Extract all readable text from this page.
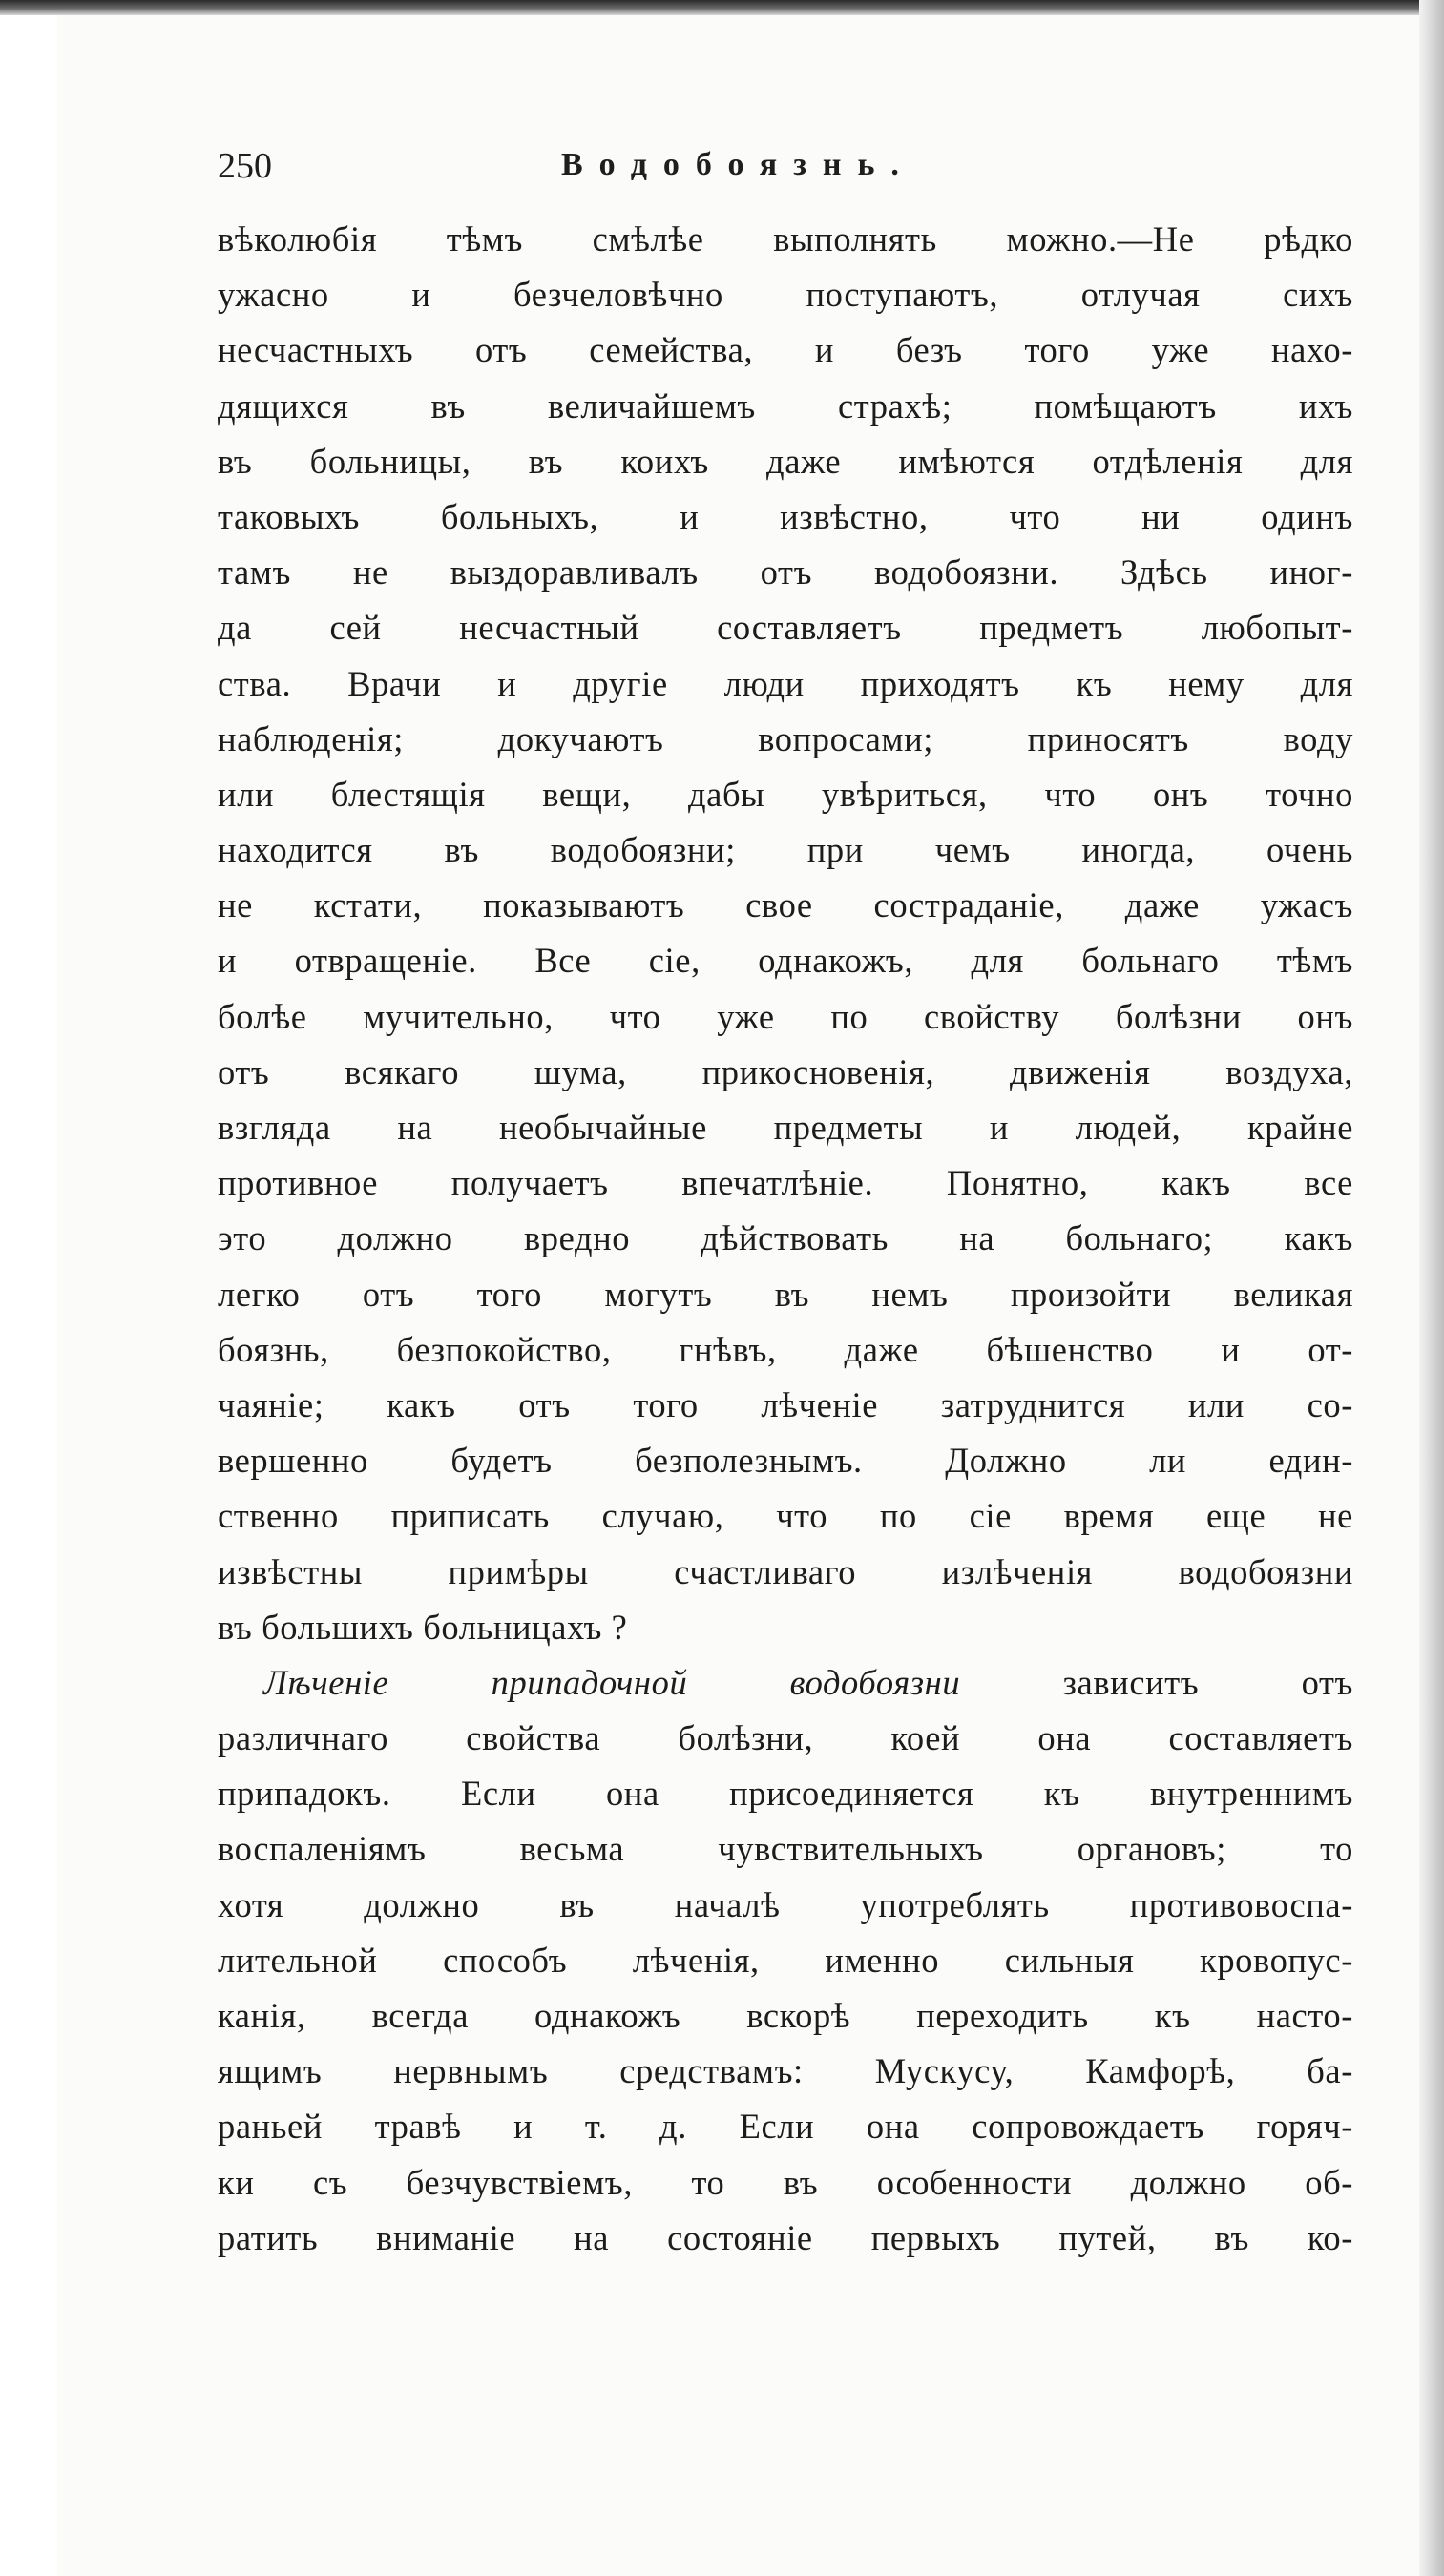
250	Водобоязнь.
вѣколюбія тѣмъ смѣлѣе выполнять можно.—Не рѣдко
ужасно и безчеловѣчно поступаютъ, отлучая сихъ
несчастныхъ отъ семейства, и безъ того уже нахо-
дящихся въ величайшемъ страхѣ; помѣщаютъ ихъ
въ больницы, въ коихъ даже имѣются отдѣленія для
таковыхъ больныхъ, и извѣстно, что ни одинъ
тамъ не выздоравливалъ отъ водобоязни. Здѣсь иног-
да сей несчастный составляетъ предметъ любопыт-
ства. Врачи и другіе люди приходятъ къ нему для
наблюденія; докучаютъ вопросами; приносятъ воду
или блестящія вещи, дабы увѣриться, что онъ точно
находится въ водобоязни; при чемъ иногда, очень
не кстати, показываютъ свое состраданіе, даже ужасъ
и отвращеніе. Все сіе, однакожъ, для больнаго тѣмъ
болѣе мучительно, что уже по свойству болѣзни онъ
отъ всякаго шума, прикосновенія, движенія воздуха,
взгляда на необычайные предметы и людей, крайне
противное получаетъ впечатлѣніе. Понятно, какъ все
это должно вредно дѣйствовать на больнаго; какъ
легко отъ того могутъ въ немъ произойти великая
боязнь, безпокойство, гнѣвъ, даже бѣшенство и от-
чаяніе; какъ отъ того лѣченіе затруднится или со-
вершенно будетъ безполезнымъ. Должно ли един-
ственно приписать случаю, что по сіе время еще не
извѣстны примѣры счастливаго излѣченія водобоязни
въ большихъ больницахъ ?
Лѣченіе припадочной водобоязни зависитъ отъ
различнаго свойства болѣзни, коей она составляетъ
припадокъ. Если она присоединяется къ внутреннимъ
воспаленіямъ весьма чувствительныхъ органовъ; то
хотя должно въ началѣ употреблять противовоспа-
лительной способъ лѣченія, именно сильныя кровопус-
канія, всегда однакожъ вскорѣ переходить къ насто-
ящимъ нервнымъ средствамъ: Мускусу, Камфорѣ, ба-
раньей травѣ и т. д. Если она сопровождаетъ горяч-
ки съ безчувствіемъ, то въ особенности должно об-
ратить вниманіе на состояніе первыхъ путей, въ ко-
